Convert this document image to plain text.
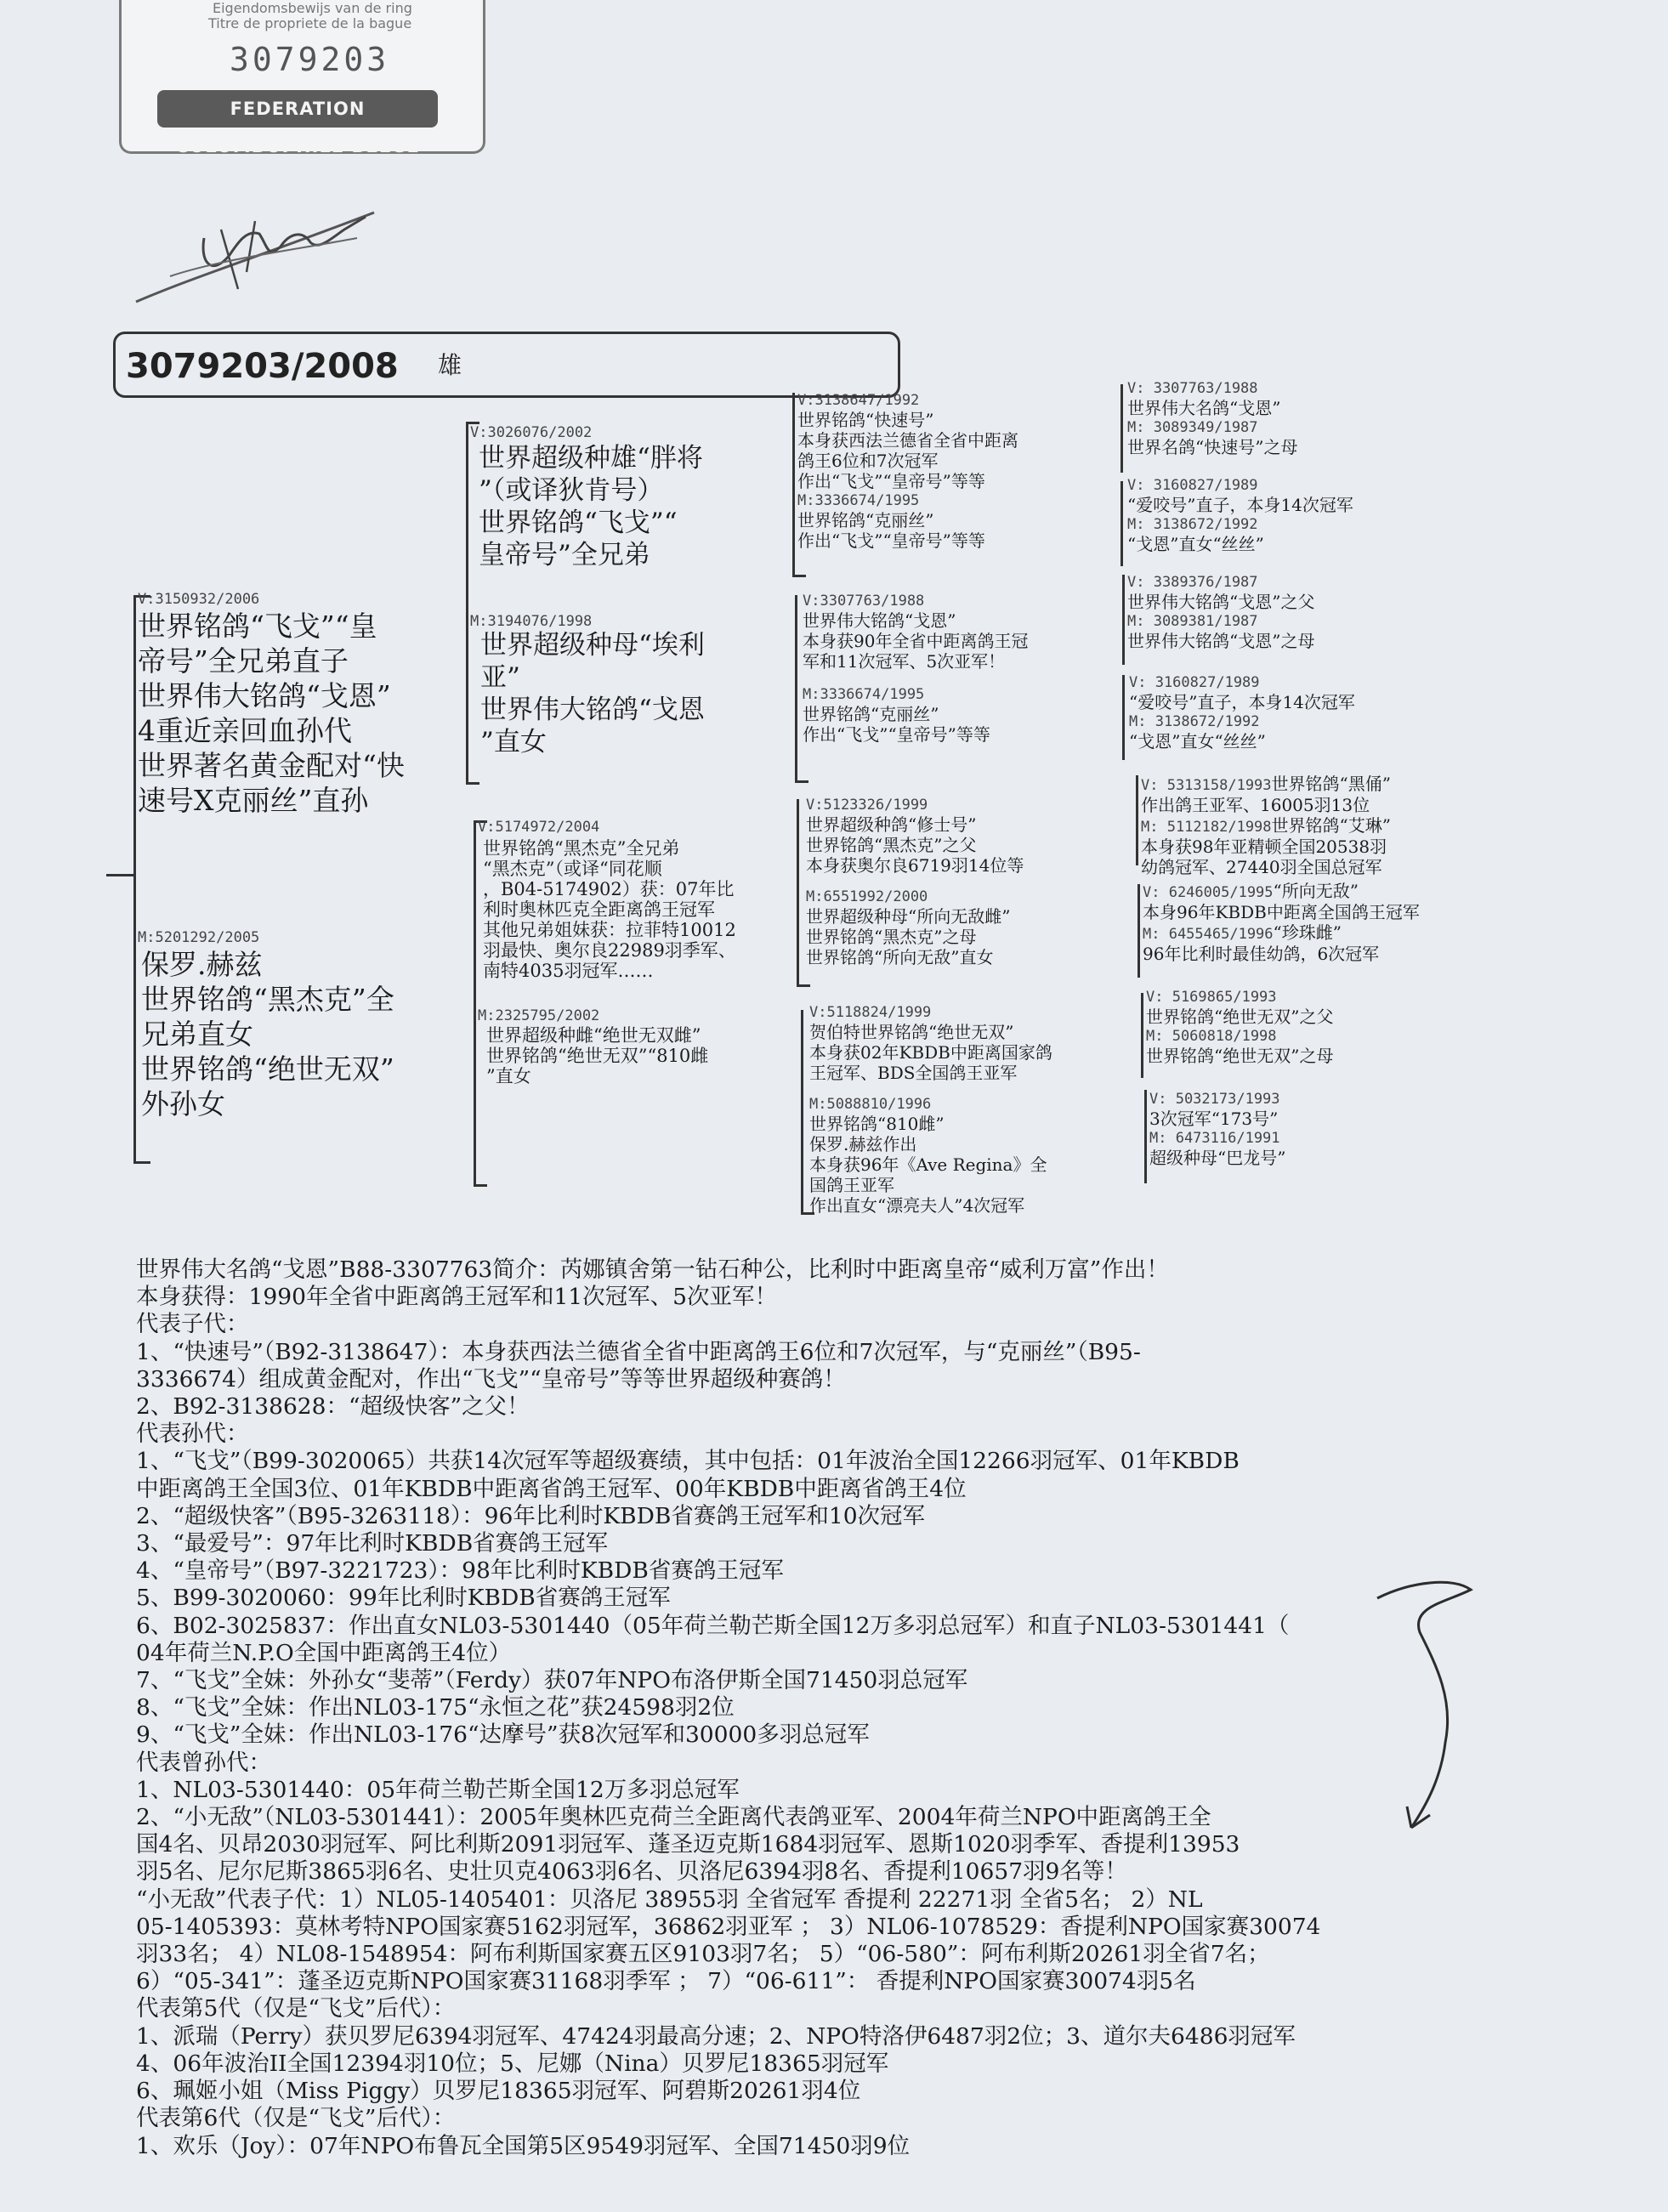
Eigendomsbewijs van de ring
Titre de propriete de la bague
3079203
FEDERATION COLOMBOPHILE BELGE
3079203/2008 雄
V:3150932/2006
世界铭鸽“飞戈”“皇
帝号”全兄弟直子
世界伟大铭鸽“戈恩”
4重近亲回血孙代
世界著名黄金配对“快
速号X克丽丝”直孙
M:5201292/2005
保罗.赫兹
世界铭鸽“黑杰克”全
兄弟直女
世界铭鸽“绝世无双”
外孙女
V:3026076/2002
世界超级种雄“胖将
”（或译狄肯号）
世界铭鸽“飞戈”“
皇帝号”全兄弟
M:3194076/1998
世界超级种母“埃利
亚”
世界伟大铭鸽“戈恩
”直女
V:5174972/2004
世界铭鸽“黑杰克”全兄弟
“黑杰克”（或译“同花顺
，B04-5174902）获：07年比
利时奥林匹克全距离鸽王冠军
其他兄弟姐妹获：拉菲特10012
羽最快、奥尔良22989羽季军、
南特4035羽冠军……
M:2325795/2002
世界超级种雌“绝世无双雌”
世界铭鸽“绝世无双”“810雌
”直女
V:3138647/1992
世界铭鸽“快速号”
本身获西法兰德省全省中距离
鸽王6位和7次冠军
作出“飞戈”“皇帝号”等等
M:3336674/1995
世界铭鸽“克丽丝”
作出“飞戈”“皇帝号”等等
V:3307763/1988
世界伟大铭鸽“戈恩”
本身获90年全省中距离鸽王冠
军和11次冠军、5次亚军！
M:3336674/1995
世界铭鸽“克丽丝”
作出“飞戈”“皇帝号”等等
V:5123326/1999
世界超级种鸽“修士号”
世界铭鸽“黑杰克”之父
本身获奥尔良6719羽14位等
M:6551992/2000
世界超级种母“所向无敌雌”
世界铭鸽“黑杰克”之母
世界铭鸽“所向无敌”直女
V:5118824/1999
贺伯特世界铭鸽“绝世无双”
本身获02年KBDB中距离国家鸽
王冠军、BDS全国鸽王亚军
M:5088810/1996
世界铭鸽“810雌”
保罗.赫兹作出
本身获96年《Ave Regina》全
国鸽王亚军
作出直女“漂亮夫人”4次冠军
V: 3307763/1988
世界伟大名鸽“戈恩”
M: 3089349/1987
世界名鸽“快速号”之母
V: 3160827/1989
“爱咬号”直子，本身14次冠军
M: 3138672/1992
“戈恩”直女“丝丝”
V: 3389376/1987
世界伟大铭鸽“戈恩”之父
M: 3089381/1987
世界伟大铭鸽“戈恩”之母
V: 3160827/1989
“爱咬号”直子，本身14次冠军
M: 3138672/1992
“戈恩”直女“丝丝”
V: 5313158/1993世界铭鸽“黑俑”
作出鸽王亚军、16005羽13位
M: 5112182/1998世界铭鸽“艾琳”
本身获98年亚精顿全国20538羽
幼鸽冠军、27440羽全国总冠军
V: 6246005/1995“所向无敌”
本身96年KBDB中距离全国鸽王冠军
M: 6455465/1996“珍珠雌”
96年比利时最佳幼鸽，6次冠军
V: 5169865/1993
世界铭鸽“绝世无双”之父
M: 5060818/1998
世界铭鸽“绝世无双”之母
V: 5032173/1993
3次冠军“173号”
M: 6473116/1991
超级种母“巴龙号”
世界伟大名鸽“戈恩”B88-3307763简介：芮娜镇舍第一钻石种公，比利时中距离皇帝“威利万富”作出！
本身获得：1990年全省中距离鸽王冠军和11次冠军、5次亚军！
代表子代：
1、“快速号”（B92-3138647）：本身获西法兰德省全省中距离鸽王6位和7次冠军，与“克丽丝”（B95-
3336674）组成黄金配对，作出“飞戈”“皇帝号”等等世界超级种赛鸽！
2、B92-3138628：“超级快客”之父！
代表孙代：
1、“飞戈”（B99-3020065）共获14次冠军等超级赛绩，其中包括：01年波治全国12266羽冠军、01年KBDB
中距离鸽王全国3位、01年KBDB中距离省鸽王冠军、00年KBDB中距离省鸽王4位
2、“超级快客”（B95-3263118）：96年比利时KBDB省赛鸽王冠军和10次冠军
3、“最爱号”：97年比利时KBDB省赛鸽王冠军
4、“皇帝号”（B97-3221723）：98年比利时KBDB省赛鸽王冠军
5、B99-3020060：99年比利时KBDB省赛鸽王冠军
6、B02-3025837：作出直女NL03-5301440（05年荷兰勒芒斯全国12万多羽总冠军）和直子NL03-5301441（
04年荷兰N.P.O全国中距离鸽王4位）
7、“飞戈”全妹：外孙女“斐蒂”（Ferdy）获07年NPO布洛伊斯全国71450羽总冠军
8、“飞戈”全妹：作出NL03-175“永恒之花”获24598羽2位
9、“飞戈”全妹：作出NL03-176“达摩号”获8次冠军和30000多羽总冠军
代表曾孙代：
1、NL03-5301440：05年荷兰勒芒斯全国12万多羽总冠军
2、“小无敌”（NL03-5301441）：2005年奥林匹克荷兰全距离代表鸽亚军、2004年荷兰NPO中距离鸽王全
国4名、贝昂2030羽冠军、阿比利斯2091羽冠军、蓬圣迈克斯1684羽冠军、恩斯1020羽季军、香提利13953
羽5名、尼尔尼斯3865羽6名、史壮贝克4063羽6名、贝洛尼6394羽8名、香提利10657羽9名等！
“小无敌”代表子代：1）NL05-1405401：贝洛尼 38955羽 全省冠军 香提利 22271羽 全省5名； 2）NL
05-1405393：莫林考特NPO国家赛5162羽冠军，36862羽亚军 ； 3）NL06-1078529：香提利NPO国家赛30074
羽33名； 4）NL08-1548954：阿布利斯国家赛五区9103羽7名； 5）“06-580”：阿布利斯20261羽全省7名；
6）“05-341”：蓬圣迈克斯NPO国家赛31168羽季军 ； 7）“06-611”： 香提利NPO国家赛30074羽5名
代表第5代（仅是“飞戈”后代）：
1、派瑞（Perry）获贝罗尼6394羽冠军、47424羽最高分速；2、NPO特洛伊6487羽2位；3、道尔夫6486羽冠军
4、06年波治II全国12394羽10位；5、尼娜（Nina）贝罗尼18365羽冠军
6、珮姬小姐（Miss Piggy）贝罗尼18365羽冠军、阿碧斯20261羽4位
代表第6代（仅是“飞戈”后代）：
1、欢乐（Joy）：07年NPO布鲁瓦全国第5区9549羽冠军、全国71450羽9位
